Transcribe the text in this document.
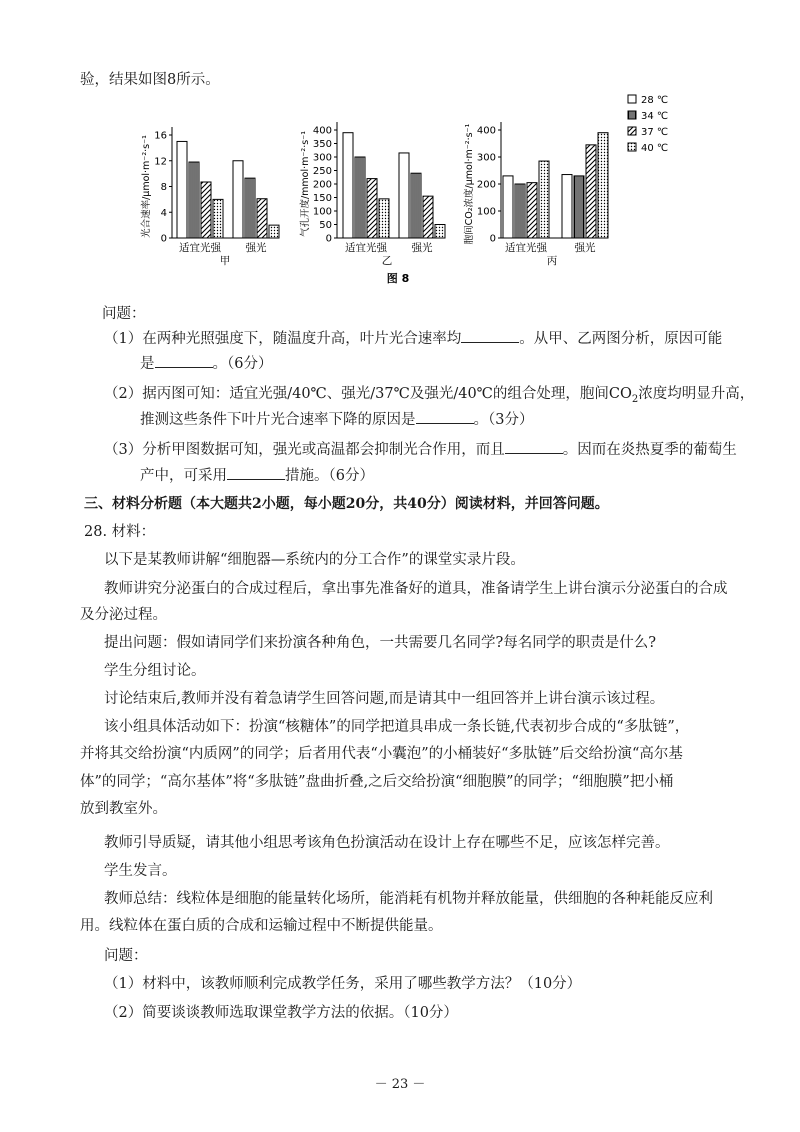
验，结果如图8所示。
0
4
8
12
16
光合速率/μmol·m⁻²·s⁻¹
适宜光强 强光
甲
0
50
100
150
200
250
300
350
400
气孔开度/mmol·m⁻²·s⁻¹
适宜光强 强光
乙
0
100
200
300
400
胞间CO₂浓度/μmol·m⁻²·s⁻¹
适宜光强	强光
丙
28 ℃
34 ℃
37 ℃
40 ℃
图 8
问题：
（1）在两种光照强度下，随温度升高，叶片光合速率均	。从甲、乙两图分析，原因可能
是	。（6分）
（2）据丙图可知：适宜光强/40℃、强光/37℃及强光/40℃的组合处理，胞间$CO_2$浓度均明显升高，
推测这些条件下叶片光合速率下降的原因是	。（3分）
（3）分析甲图数据可知，强光或高温都会抑制光合作用，而且	。因而在炎热夏季的葡萄生
产中，可采用	措施。（6分）
三、材料分析题（本大题共2小题，每小题20分，共40分）阅读材料，并回答问题。
28. 材料：
以下是某教师讲解“细胞器—系统内的分工合作”的课堂实录片段。
教师讲究分泌蛋白的合成过程后，拿出事先准备好的道具，准备请学生上讲台演示分泌蛋白的合成
及分泌过程。
提出问题：假如请同学们来扮演各种角色，一共需要几名同学?每名同学的职责是什么?
学生分组讨论。
讨论结束后,教师并没有着急请学生回答问题,而是请其中一组回答并上讲台演示该过程。
该小组具体活动如下：扮演“核糖体”的同学把道具串成一条长链,代表初步合成的“多肽链”，
并将其交给扮演“内质网”的同学；后者用代表“小囊泡”的小桶装好“多肽链”后交给扮演“高尔基
体”的同学；“高尔基体”将“多肽链”盘曲折叠,之后交给扮演“细胞膜”的同学；“细胞膜”把小桶
放到教室外。
教师引导质疑，请其他小组思考该角色扮演活动在设计上存在哪些不足，应该怎样完善。
学生发言。
教师总结：线粒体是细胞的能量转化场所，能消耗有机物并释放能量，供细胞的各种耗能反应利
用。线粒体在蛋白质的合成和运输过程中不断提供能量。
问题：
（1）材料中，该教师顺利完成教学任务，采用了哪些教学方法？（10分）
（2）简要谈谈教师选取课堂教学方法的依据。（10分）
－ 23 －
